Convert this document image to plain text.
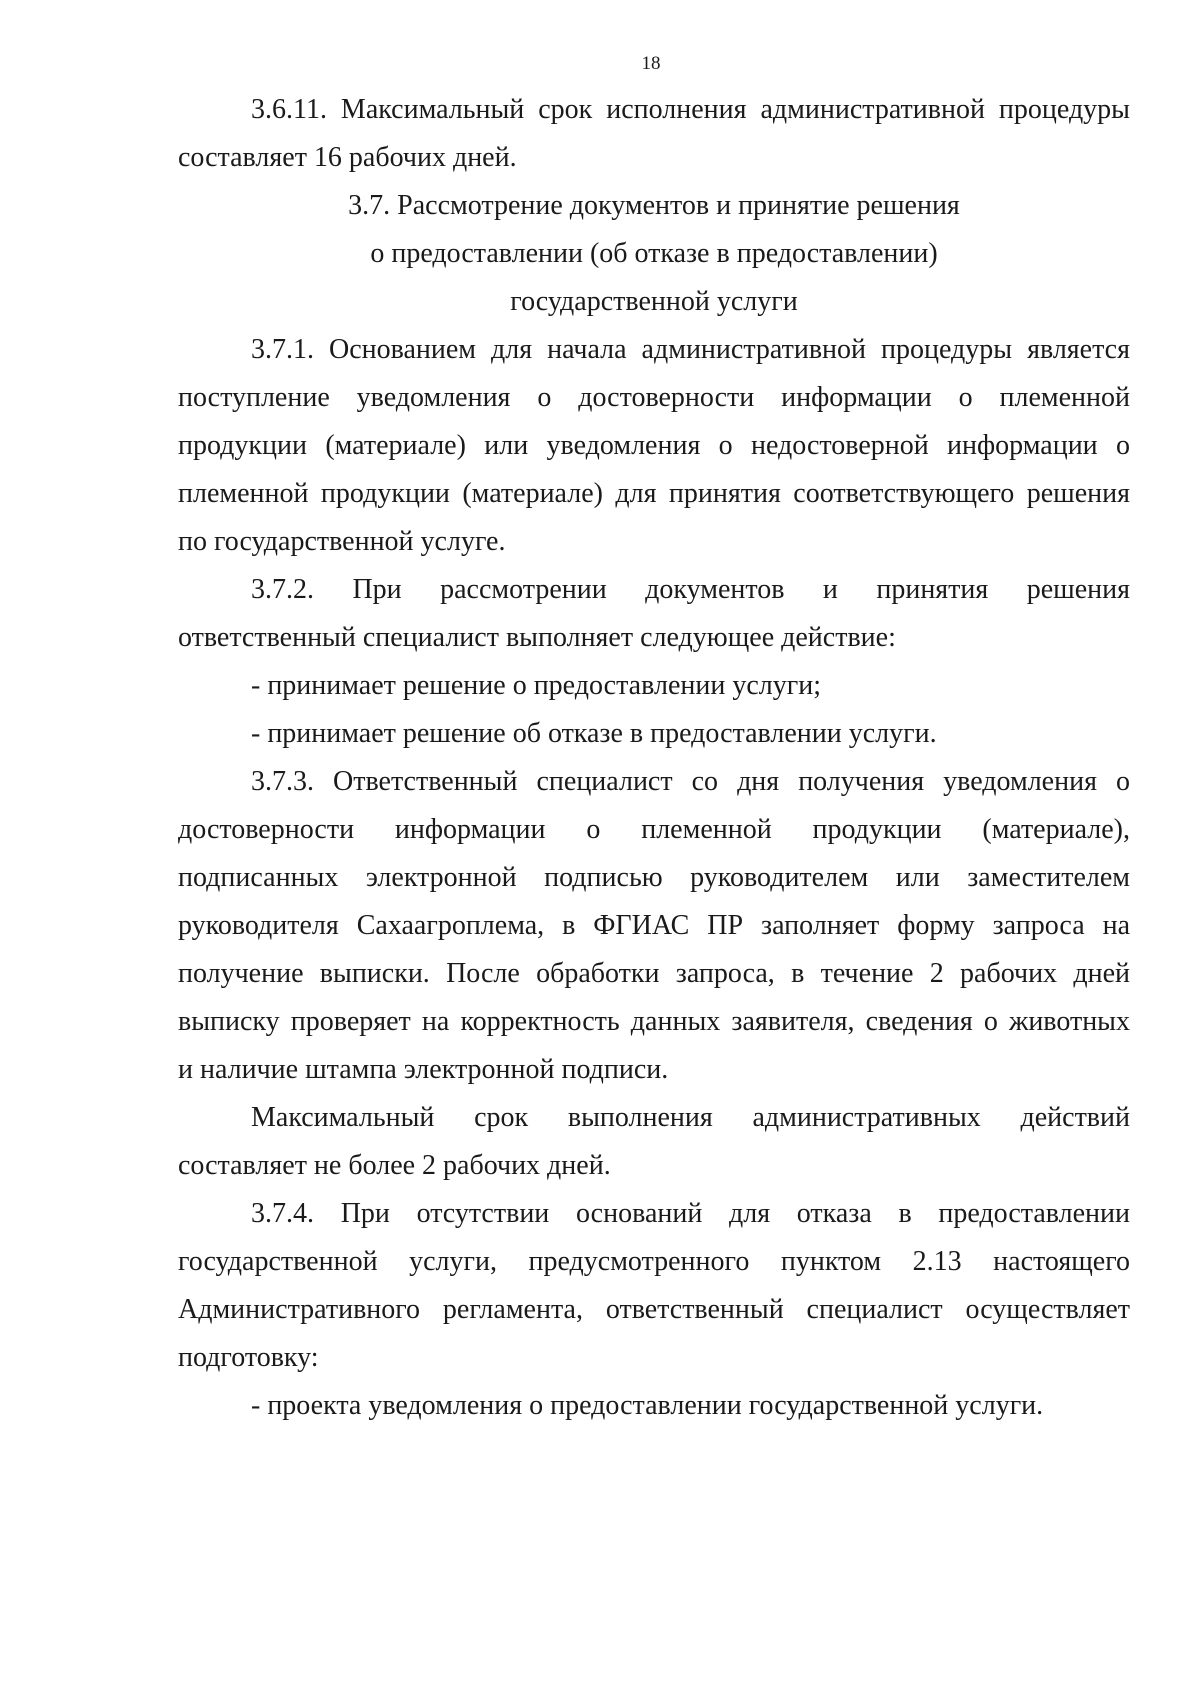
18
3.6.11. Максимальный срок исполнения административной процедуры
составляет 16 рабочих дней.
3.7. Рассмотрение документов и принятие решения
о предоставлении (об отказе в предоставлении)
государственной услуги
3.7.1. Основанием для начала административной процедуры является
поступление уведомления о достоверности информации о племенной
продукции (материале) или уведомления о недостоверной информации о
племенной продукции (материале) для принятия соответствующего решения
по государственной услуге.
3.7.2. При рассмотрении документов и принятия решения
ответственный специалист выполняет следующее действие:
- принимает решение о предоставлении услуги;
- принимает решение об отказе в предоставлении услуги.
3.7.3. Ответственный специалист со дня получения уведомления о
достоверности информации о племенной продукции (материале),
подписанных электронной подписью руководителем или заместителем
руководителя Сахаагроплема, в ФГИАС ПР заполняет форму запроса на
получение выписки. После обработки запроса, в течение 2 рабочих дней
выписку проверяет на корректность данных заявителя, сведения о животных
и наличие штампа электронной подписи.
Максимальный срок выполнения административных действий
составляет не более 2 рабочих дней.
3.7.4. При отсутствии оснований для отказа в предоставлении
государственной услуги, предусмотренного пунктом 2.13 настоящего
Административного регламента, ответственный специалист осуществляет
подготовку:
- проекта уведомления о предоставлении государственной услуги.
